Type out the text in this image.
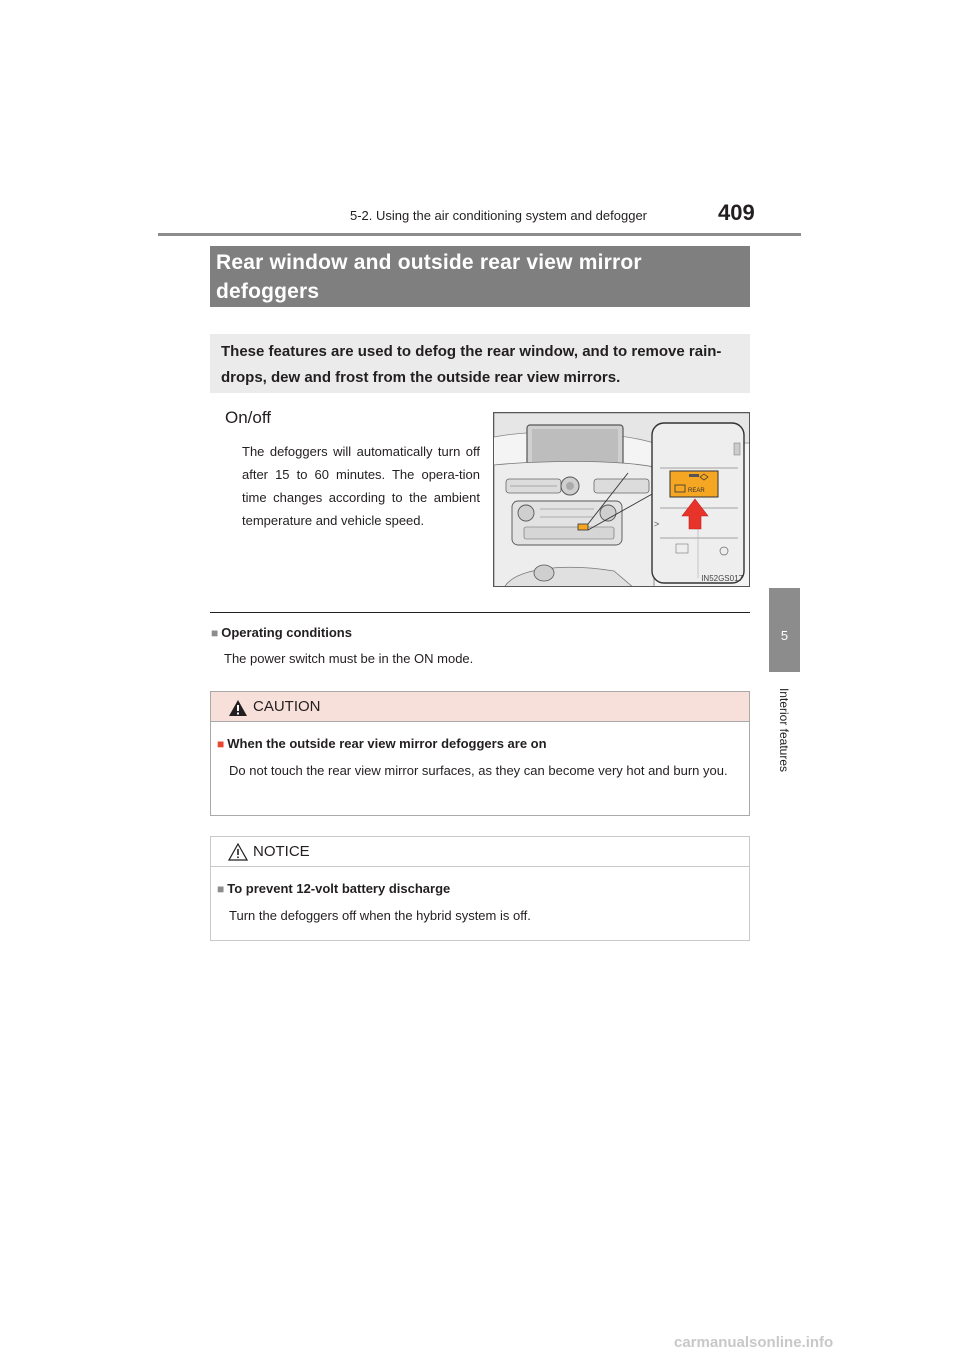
5-2. Using the air conditioning system and defogger	409
5
Interior features
Rear window and outside rear view mirror
defoggers

These features are used to defog the rear window, and to remove rain-
drops, dew and frost from the outside rear view mirrors.

On/off
The defoggers will automatically turn off after 15 to 60 minutes. The opera-tion time changes according to the ambient temperature and vehicle speed.
REAR
>
IN52GS017
■ Operating conditions
The power switch must be in the ON mode.
CAUTION
■ When the outside rear view mirror defoggers are on
Do not touch the rear view mirror surfaces, as they can become very hot and burn you.
NOTICE
■ To prevent 12-volt battery discharge
Turn the defoggers off when the hybrid system is off.
carmanualsonline.info
